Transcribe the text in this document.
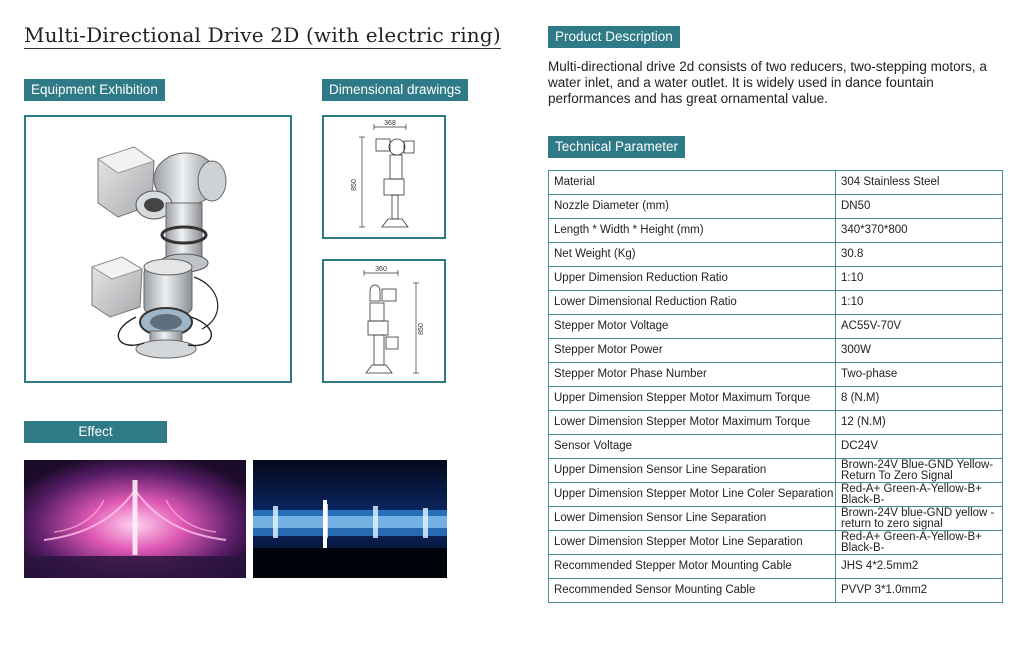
Multi-Directional Drive 2D (with electric ring)
Equipment Exhibition	Dimensional drawings
Effect
368
850
360
850
Product Description
Multi-directional drive 2d consists of two reducers, two-stepping motors, a water inlet, and a water outlet. It is widely used in dance fountain performances and has great ornamental value.
Technical Parameter
Material	304 Stainless Steel
Nozzle Diameter (mm)	DN50
Length * Width * Height (mm)	340*370*800
Net Weight (Kg)	30.8
Upper Dimension Reduction Ratio	1:10
Lower Dimensional Reduction Ratio	1:10
Stepper Motor Voltage	AC55V-70V
Stepper Motor Power	300W
Stepper Motor Phase Number	Two-phase
Upper Dimension Stepper Motor Maximum Torque	8 (N.M)
Lower Dimension Stepper Motor Maximum Torque	12 (N.M)
Sensor Voltage	DC24V
Upper Dimension Sensor Line Separation	Brown-24V Blue-GND Yellow-Return To Zero Signal
Upper Dimension Stepper Motor Line Coler Separation	Red-A+ Green-A-Yellow-B+ Black-B-
Lower Dimension Sensor Line Separation	Brown-24V blue-GND yellow -return to zero signal
Lower Dimension Stepper Motor Line Separation	Red-A+ Green-A-Yellow-B+ Black-B-
Recommended Stepper Motor Mounting Cable	JHS 4*2.5mm2
Recommended Sensor Mounting Cable	PVVP 3*1.0mm2
